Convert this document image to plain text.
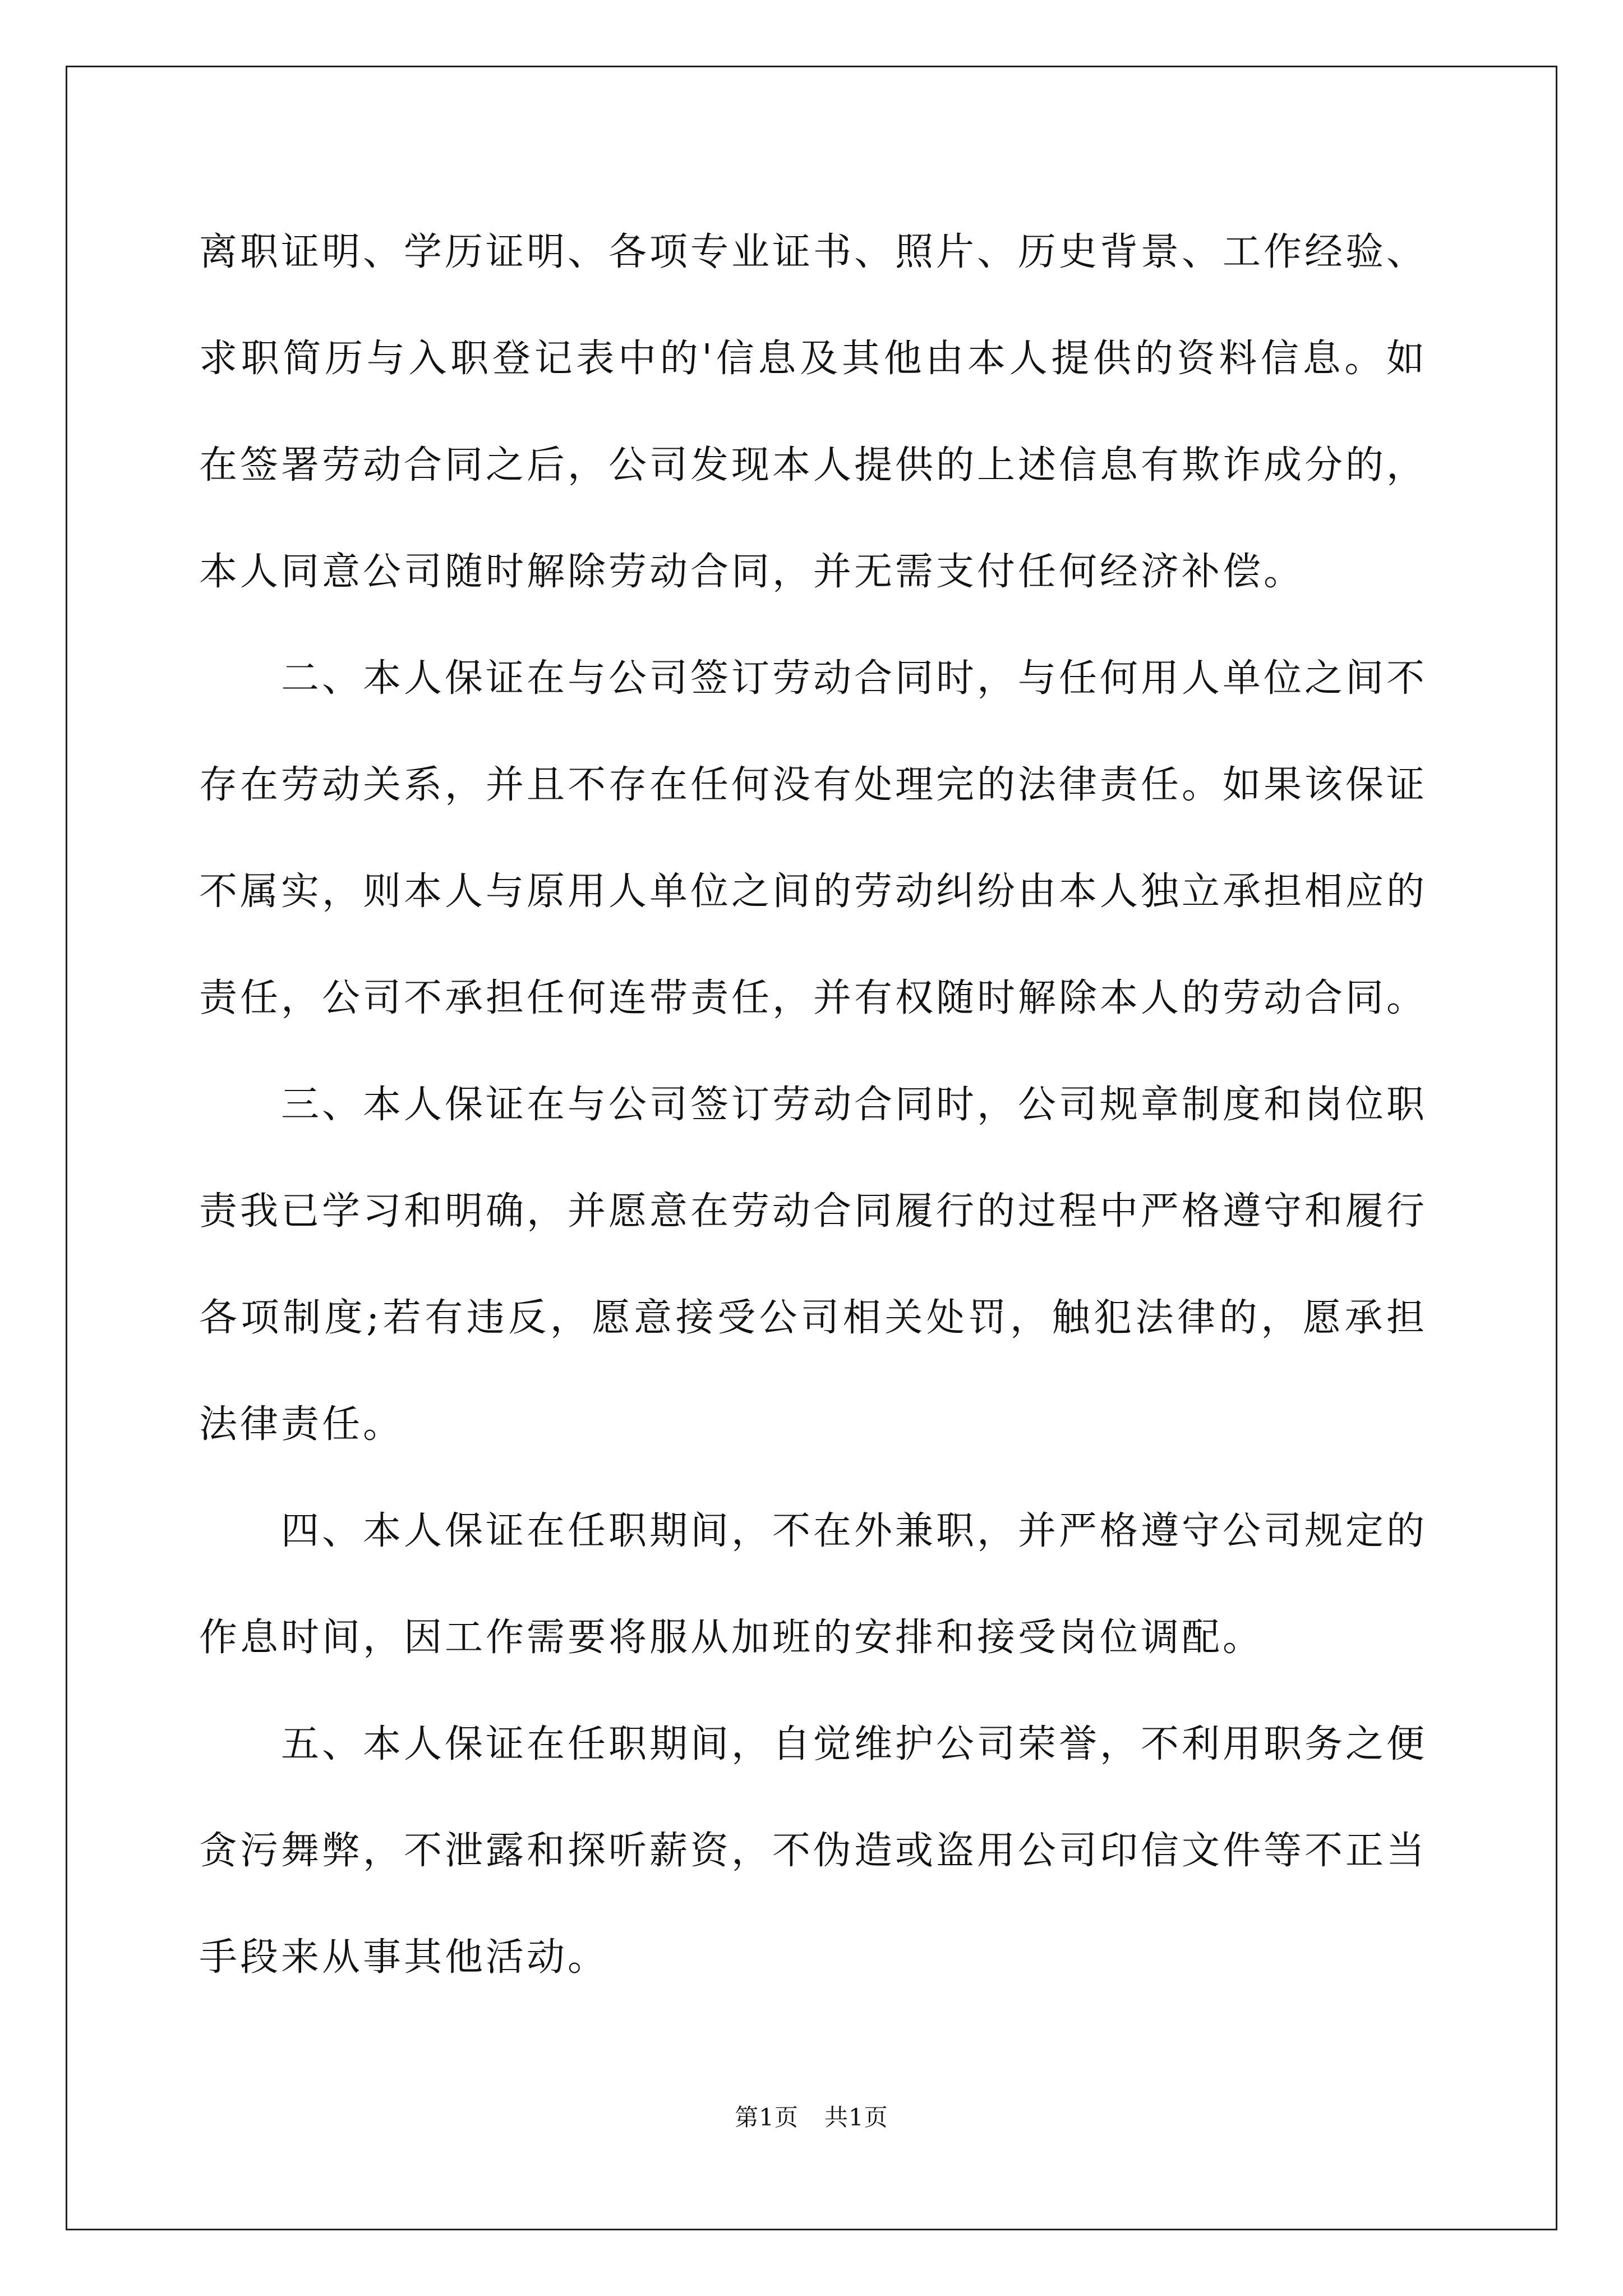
离职证明、学历证明、各项专业证书、照片、历史背景、工作经验、求职简历与入职登记表中的'信息及其他由本人提供的资料信息。如在签署劳动合同之后，公司发现本人提供的上述信息有欺诈成分的，本人同意公司随时解除劳动合同，并无需支付任何经济补偿。

二、本人保证在与公司签订劳动合同时，与任何用人单位之间不存在劳动关系，并且不存在任何没有处理完的法律责任。如果该保证不属实，则本人与原用人单位之间的劳动纠纷由本人独立承担相应的责任，公司不承担任何连带责任，并有权随时解除本人的劳动合同。

三、本人保证在与公司签订劳动合同时，公司规章制度和岗位职责我已学习和明确，并愿意在劳动合同履行的过程中严格遵守和履行各项制度;若有违反，愿意接受公司相关处罚，触犯法律的，愿承担法律责任。

四、本人保证在任职期间，不在外兼职，并严格遵守公司规定的作息时间，因工作需要将服从加班的安排和接受岗位调配。

五、本人保证在任职期间，自觉维护公司荣誉，不利用职务之便贪污舞弊，不泄露和探听薪资，不伪造或盗用公司印信文件等不正当手段来从事其他活动。

第1页 共1页
